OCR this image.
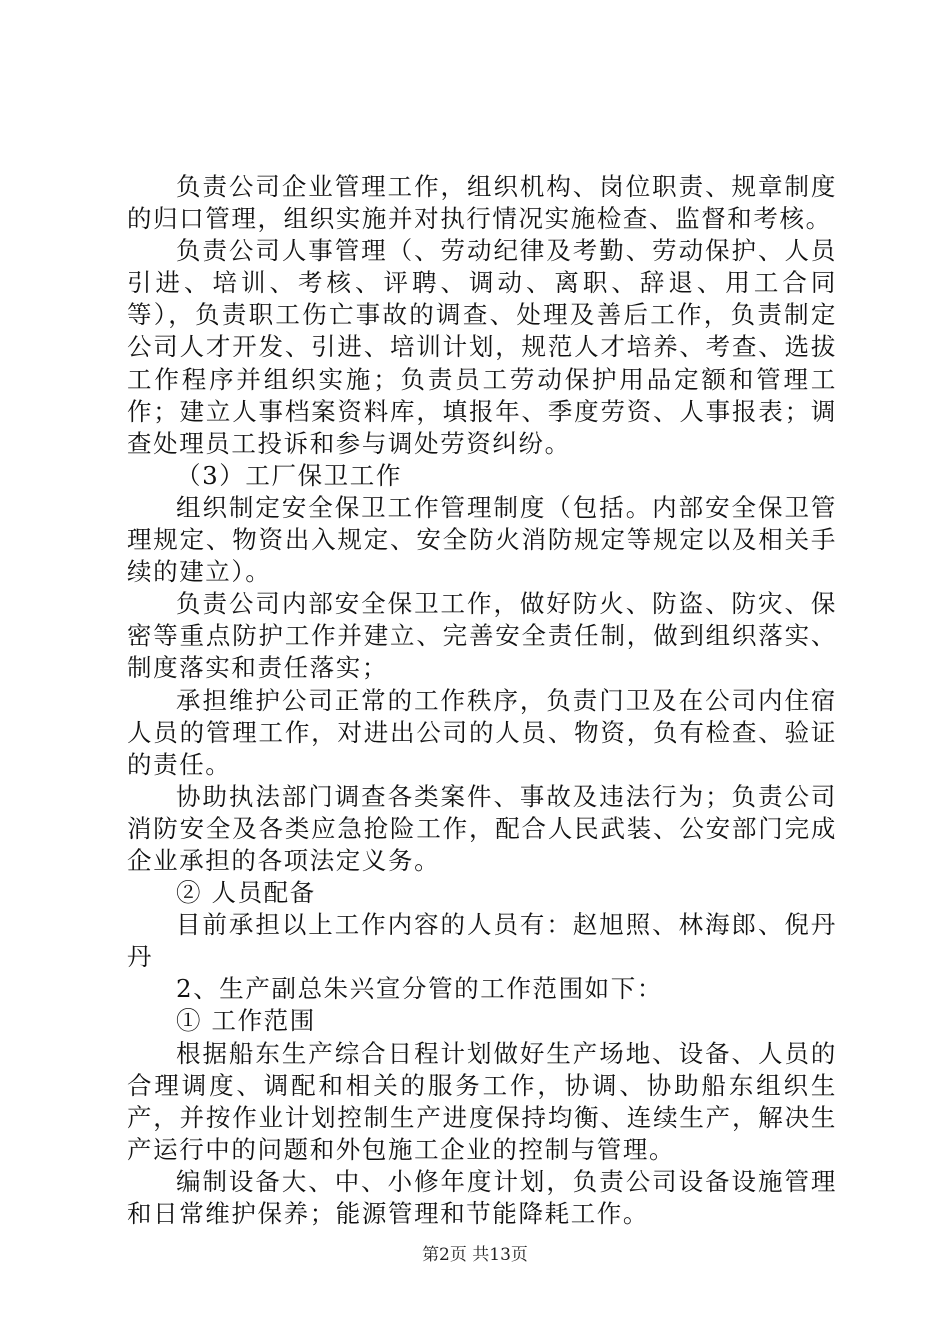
负责公司企业管理工作，组织机构、岗位职责、规章制度的归口管理，组织实施并对执行情况实施检查、监督和考核。

负责公司人事管理（、劳动纪律及考勤、劳动保护、人员引进、培训、考核、评聘、调动、离职、辞退、用工合同等），负责职工伤亡事故的调查、处理及善后工作，负责制定公司人才开发、引进、培训计划，规范人才培养、考查、选拔工作程序并组织实施；负责员工劳动保护用品定额和管理工作；建立人事档案资料库，填报年、季度劳资、人事报表；调查处理员工投诉和参与调处劳资纠纷。

（3）工厂保卫工作

组织制定安全保卫工作管理制度（包括。内部安全保卫管理规定、物资出入规定、安全防火消防规定等规定以及相关手续的建立）。

负责公司内部安全保卫工作，做好防火、防盗、防灾、保密等重点防护工作并建立、完善安全责任制，做到组织落实、制度落实和责任落实；

承担维护公司正常的工作秩序，负责门卫及在公司内住宿人员的管理工作，对进出公司的人员、物资，负有检查、验证的责任。

协助执法部门调查各类案件、事故及违法行为；负责公司消防安全及各类应急抢险工作，配合人民武装、公安部门完成企业承担的各项法定义务。

② 人员配备

目前承担以上工作内容的人员有：赵旭照、林海郎、倪丹丹

2、生产副总朱兴宣分管的工作范围如下：

① 工作范围

根据船东生产综合日程计划做好生产场地、设备、人员的合理调度、调配和相关的服务工作，协调、协助船东组织生产，并按作业计划控制生产进度保持均衡、连续生产，解决生产运行中的问题和外包施工企业的控制与管理。

编制设备大、中、小修年度计划，负责公司设备设施管理和日常维护保养；能源管理和节能降耗工作。

第2页 共13页
